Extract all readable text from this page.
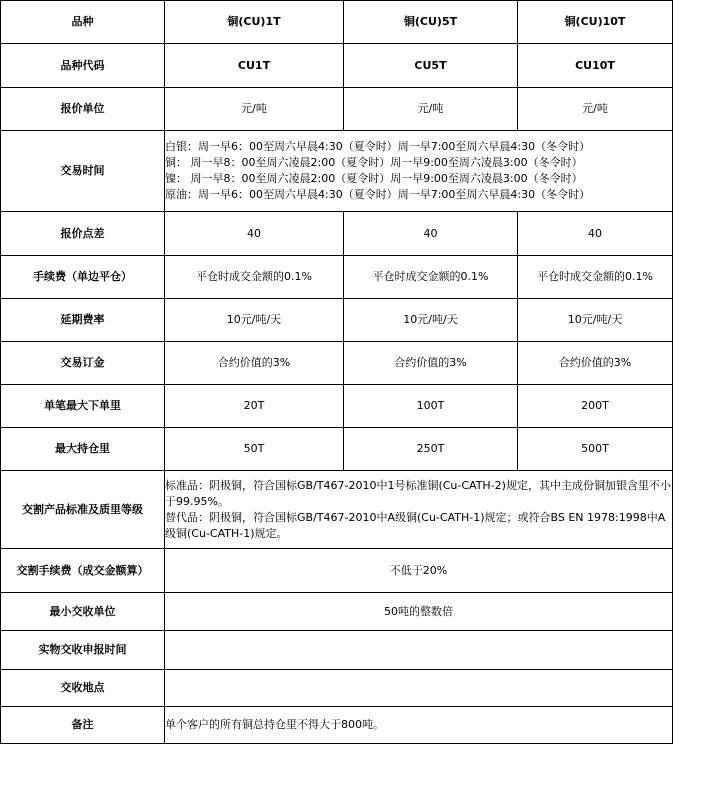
品种	铜(CU)1T	铜(CU)5T	铜(CU)10T
品种代码	CU1T	CU5T	CU10T
报价单位	元/吨	元/吨	元/吨
交易时间	白银：周一早6：00至周六早晨4:30（夏令时）周一早7:00至周六早晨4:30（冬令时）
铜： 周一早8：00至周六凌晨2:00（夏令时）周一早9:00至周六凌晨3:00（冬令时）
镍： 周一早8：00至周六凌晨2:00（夏令时）周一早9:00至周六凌晨3:00（冬令时）
原油：周一早6：00至周六早晨4:30（夏令时）周一早7:00至周六早晨4:30（冬令时）		

报价点差	40	40	40
手续费（单边平仓）	平仓时成交金额的0.1%	平仓时成交金额的0.1%	平仓时成交金额的0.1%
延期费率	10元/吨/天	10元/吨/天	10元/吨/天
交易订金	合约价值的3%	合约价值的3%	合约价值的3%
单笔最大下单里	20T	100T	200T
最大持仓里	50T	250T	500T
交割产品标准及质里等级	标准品：阴极铜，符合国标GB/T467-2010中1号标准铜(Cu-CATH-2)规定，其中主成份铜加银含里不小于99.95%。
替代品：阴极铜，符合国标GB/T467-2010中A级铜(Cu-CATH-1)规定；或符合BS EN 1978:1998中A级铜(Cu-CATH-1)规定。		

交割手续费（成交金额算）	不低于20%		
最小交收单位	50吨的整数倍		
实物交收申报时间			
交收地点			
备注	单个客户的所有铜总持仓里不得大于800吨。		
